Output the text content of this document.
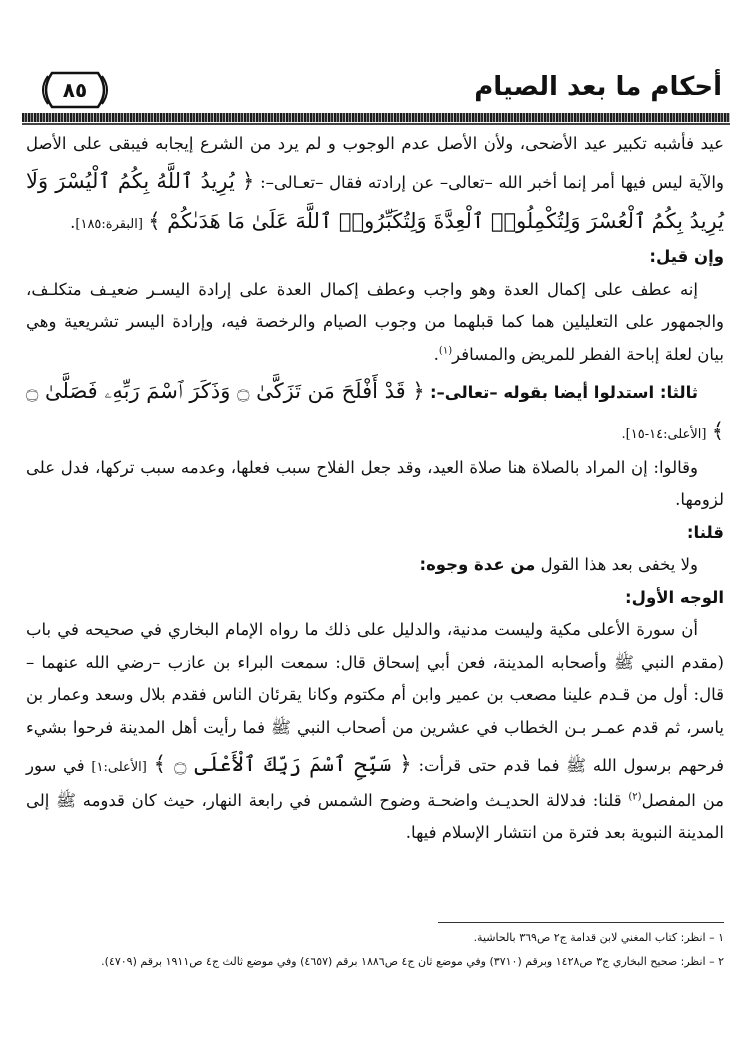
أحكام ما بعد الصيام
٨٥

عيد فأشبه تكبير عيد الأضحى، ولأن الأصل عدم الوجوب و لم يرد من الشرع إيجابه فيبقى على الأصل والآية ليس فيها أمر إنما أخبر الله –تعالى– عن إرادته فقال –تعـالى–: ﴿ يُرِيدُ ٱللَّهُ بِكُمُ ٱلْيُسْرَ وَلَا يُرِيدُ بِكُمُ ٱلْعُسْرَ وَلِتُكْمِلُوا۟ ٱلْعِدَّةَ وَلِتُكَبِّرُوا۟ ٱللَّهَ عَلَىٰ مَا هَدَىٰكُمْ ﴾ [البقرة:١٨٥].

وإن قيل:

إنه عطف على إكمال العدة وهو واجب وعطف إكمال العدة على إرادة اليسـر ضعيـف متكلـف، والجمهور على التعليلين هما كما قبلهما من وجوب الصيام والرخصة فيه، وإرادة اليسر تشريعية وهي بيان لعلة إباحة الفطر للمريض والمسافر$^{(١)}$.

ثالثا: استدلوا أيضا بقوله –تعالى–: ﴿ قَدْ أَفْلَحَ مَن تَزَكَّىٰ ۝ وَذَكَرَ ٱسْمَ رَبِّهِۦ فَصَلَّىٰ ۝ ﴾ [الأعلى:١٤-١٥].

وقالوا: إن المراد بالصلاة هنا صلاة العيد، وقد جعل الفلاح سبب فعلها، وعدمه سبب تركها، فدل على لزومها.

قلنا:

ولا يخفى بعد هذا القول من عدة وجوه:

الوجه الأول:

أن سورة الأعلى مكية وليست مدنية، والدليل على ذلك ما رواه الإمام البخاري في صحيحه في باب (مقدم النبي ﷺ وأصحابه المدينة، فعن أبي إسحاق قال: سمعت البراء بن عازب –رضي الله عنهما – قال: أول من قـدم علينا مصعب بن عمير وابن أم مكتوم وكانا يقرئان الناس فقدم بلال وسعد وعمار بن ياسر، ثم قدم عمـر بـن الخطاب في عشرين من أصحاب النبي ﷺ فما رأيت أهل المدينة فرحوا بشيء فرحهم برسول الله ﷺ فما قدم حتى قرأت: ﴿ سَبِّحِ ٱسْمَ رَبِّكَ ٱلْأَعْلَى ۝ ﴾ [الأعلى:١] في سور من المفصل$^{(٢)}$ قلنا: فدلالة الحديـث واضحـة وضوح الشمس في رابعة النهار، حيث كان قدومه ﷺ إلى المدينة النبوية بعد فترة من انتشار الإسلام فيها.

١ – انظر: كتاب المغني لابن قدامة ج٢ ص٣٦٩ بالحاشية.

٢ – انظر: صحيح البخاري ج٣ ص١٤٢٨ وبرقم (٣٧١٠) وفي موضع ثان ج٤ ص١٨٨٦ برقم (٤٦٥٧) وفي موضع ثالث ج٤ ص١٩١١ برقم (٤٧٠٩).
